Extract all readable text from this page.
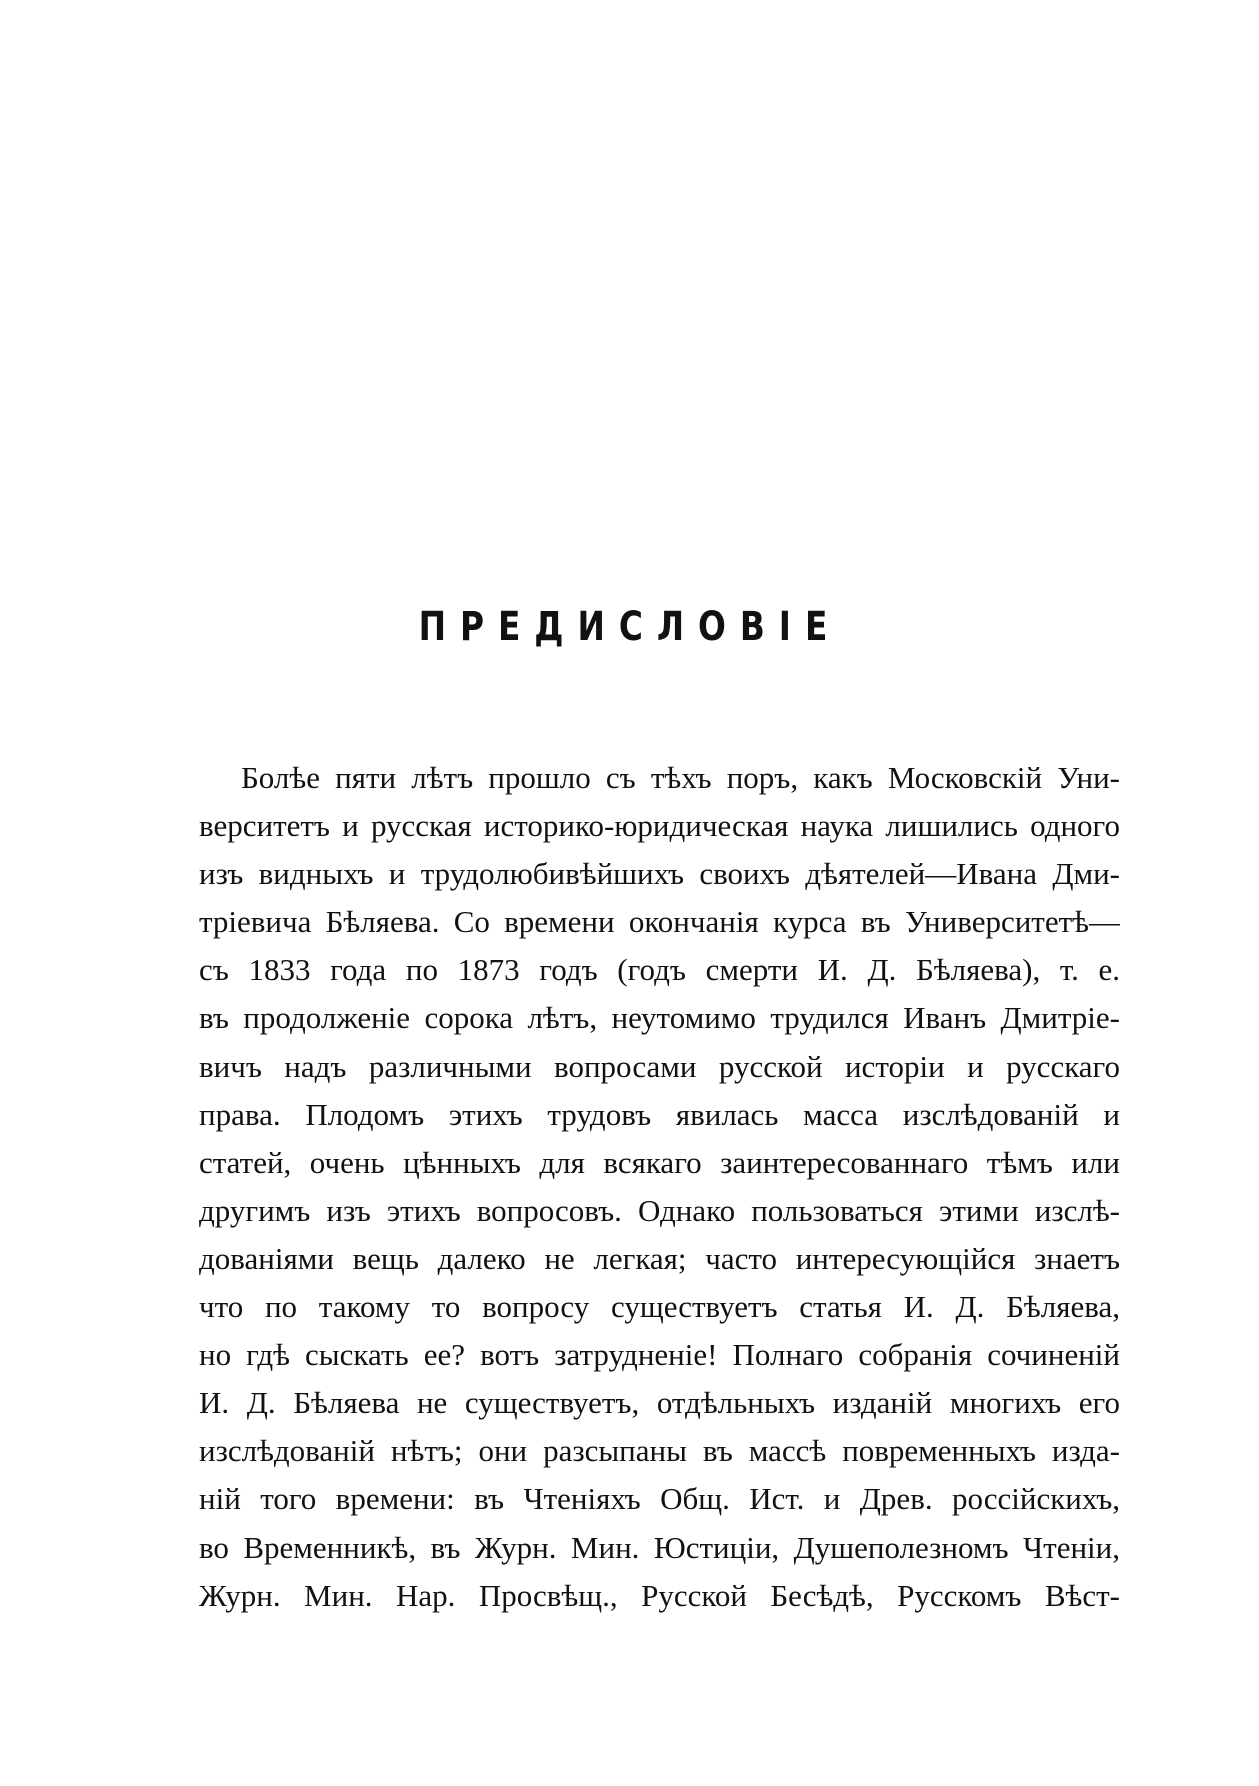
ПРЕДИСЛОВІЕ
Болѣе пяти лѣтъ прошло съ тѣхъ поръ, какъ Московскій Уни-
верситетъ и русская историко-юридическая наука лишились одного
изъ видныхъ и трудолюбивѣйшихъ своихъ дѣятелей—Ивана Дми-
тріевича Бѣляева. Со времени окончанія курса въ Университетѣ—
съ 1833 года по 1873 годъ (годъ смерти И. Д. Бѣляева), т. е.
въ продолженіе сорока лѣтъ, неутомимо трудился Иванъ Дмитріе-
вичъ надъ различными вопросами русской исторіи и русскаго
права. Плодомъ этихъ трудовъ явилась масса изслѣдованій и
статей, очень цѣнныхъ для всякаго заинтересованнаго тѣмъ или
другимъ изъ этихъ вопросовъ. Однако пользоваться этими изслѣ-
дованіями вещь далеко не легкая; часто интересующійся знаетъ
что по такому то вопросу существуетъ статья И. Д. Бѣляева,
но гдѣ сыскать ее? вотъ затрудненіе! Полнаго собранія сочиненій
И. Д. Бѣляева не существуетъ, отдѣльныхъ изданій многихъ его
изслѣдованій нѣтъ; они разсыпаны въ массѣ повременныхъ изда-
ній того времени: въ Чтеніяхъ Общ. Ист. и Древ. россійскихъ,
во Временникѣ, въ Журн. Мин. Юстиціи, Душеполезномъ Чтеніи,
Журн. Мин. Нар. Просвѣщ., Русской Бесѣдѣ, Русскомъ Вѣст-
